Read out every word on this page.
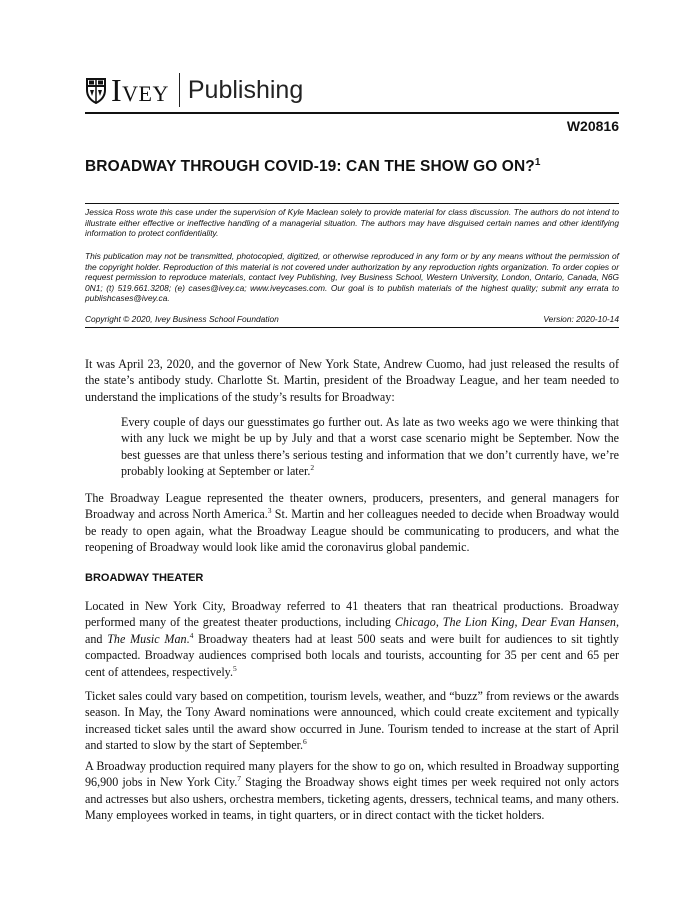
Ivey Publishing
W20816
BROADWAY THROUGH COVID-19: CAN THE SHOW GO ON?$^1$
Jessica Ross wrote this case under the supervision of Kyle Maclean solely to provide material for class discussion. The authors do not intend to illustrate either effective or ineffective handling of a managerial situation. The authors may have disguised certain names and other identifying information to protect confidentiality.
This publication may not be transmitted, photocopied, digitized, or otherwise reproduced in any form or by any means without the permission of the copyright holder. Reproduction of this material is not covered under authorization by any reproduction rights organization. To order copies or request permission to reproduce materials, contact Ivey Publishing, Ivey Business School, Western University, London, Ontario, Canada, N6G 0N1; (t) 519.661.3208; (e) cases@ivey.ca; www.iveycases.com. Our goal is to publish materials of the highest quality; submit any errata to publishcases@ivey.ca.
Copyright © 2020, Ivey Business School Foundation	Version: 2020-10-14
It was April 23, 2020, and the governor of New York State, Andrew Cuomo, had just released the results of the state’s antibody study. Charlotte St. Martin, president of the Broadway League, and her team needed to understand the implications of the study’s results for Broadway:
Every couple of days our guesstimates go further out. As late as two weeks ago we were thinking that with any luck we might be up by July and that a worst case scenario might be September. Now the best guesses are that unless there’s serious testing and information that we don’t currently have, we’re probably looking at September or later.$^2$
The Broadway League represented the theater owners, producers, presenters, and general managers for Broadway and across North America.$^3$ St. Martin and her colleagues needed to decide when Broadway would be ready to open again, what the Broadway League should be communicating to producers, and what the reopening of Broadway would look like amid the coronavirus global pandemic.
BROADWAY THEATER
Located in New York City, Broadway referred to 41 theaters that ran theatrical productions. Broadway performed many of the greatest theater productions, including Chicago, The Lion King, Dear Evan Hansen, and The Music Man.$^4$ Broadway theaters had at least 500 seats and were built for audiences to sit tightly compacted. Broadway audiences comprised both locals and tourists, accounting for 35 per cent and 65 per cent of attendees, respectively.$^5$
Ticket sales could vary based on competition, tourism levels, weather, and “buzz” from reviews or the awards season. In May, the Tony Award nominations were announced, which could create excitement and typically increased ticket sales until the award show occurred in June. Tourism tended to increase at the start of April and started to slow by the start of September.$^6$
A Broadway production required many players for the show to go on, which resulted in Broadway supporting 96,900 jobs in New York City.$^7$ Staging the Broadway shows eight times per week required not only actors and actresses but also ushers, orchestra members, ticketing agents, dressers, technical teams, and many others. Many employees worked in teams, in tight quarters, or in direct contact with the ticket holders.
